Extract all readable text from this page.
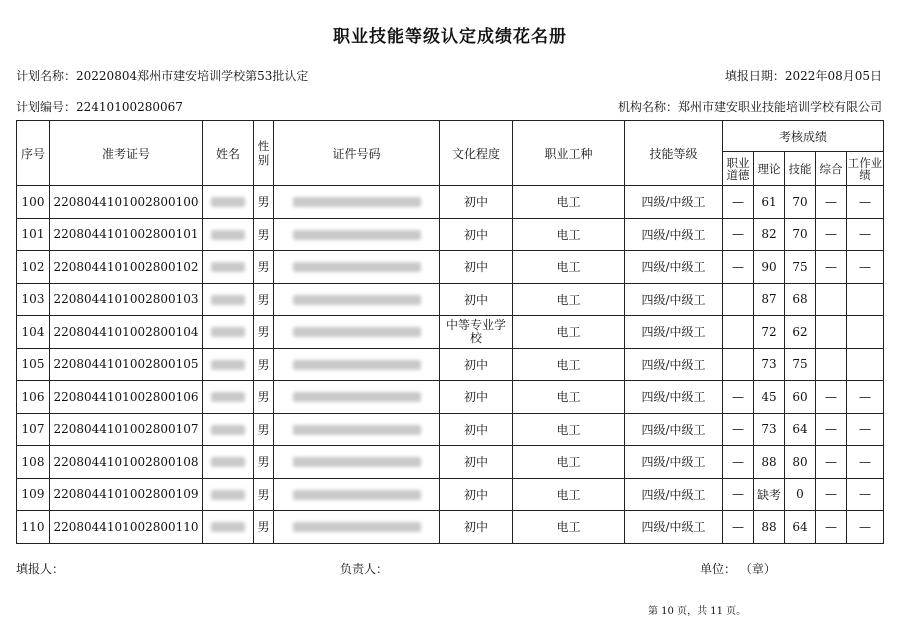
职业技能等级认定成绩花名册
计划名称：20220804郑州市建安培训学校第53批认定	填报日期：2022年08月05日
计划编号：22410100280067	机构名称：郑州市建安职业技能培训学校有限公司
序号	准考证号	姓名	性别	证件号码	文化程度	职业工种	技能等级	考核成绩				
								职业道德	理论	技能	综合	工作业绩
100	220804410100280010​0		男		初中	电工	四级/中级工	—	61	70	—	—
101	2208044101002800101		男		初中	电工	四级/中级工	—	82	70	—	—
102	2208044101002800102		男		初中	电工	四级/中级工	—	90	75	—	—
103	2208044101002800103		男		初中	电工	四级/中级工		87	68		
104	2208044101002800104		男		中等专业学校	电工	四级/中级工		72	62		
105	2208044101002800105		男		初中	电工	四级/中级工		73	75		
106	2208044101002800106		男		初中	电工	四级/中级工	—	45	60	—	—
107	2208044101002800107		男		初中	电工	四级/中级工	—	73	64	—	—
108	2208044101002800108		男		初中	电工	四级/中级工	—	88	80	—	—
109	2208044101002800109		男		初中	电工	四级/中级工	—	缺考	0	—	—
110	2208044101002800110		男		初中	电工	四级/中级工	—	88	64	—	—
填报人：	负责人：	单位： （章）
第 10 页，共 11 页。
